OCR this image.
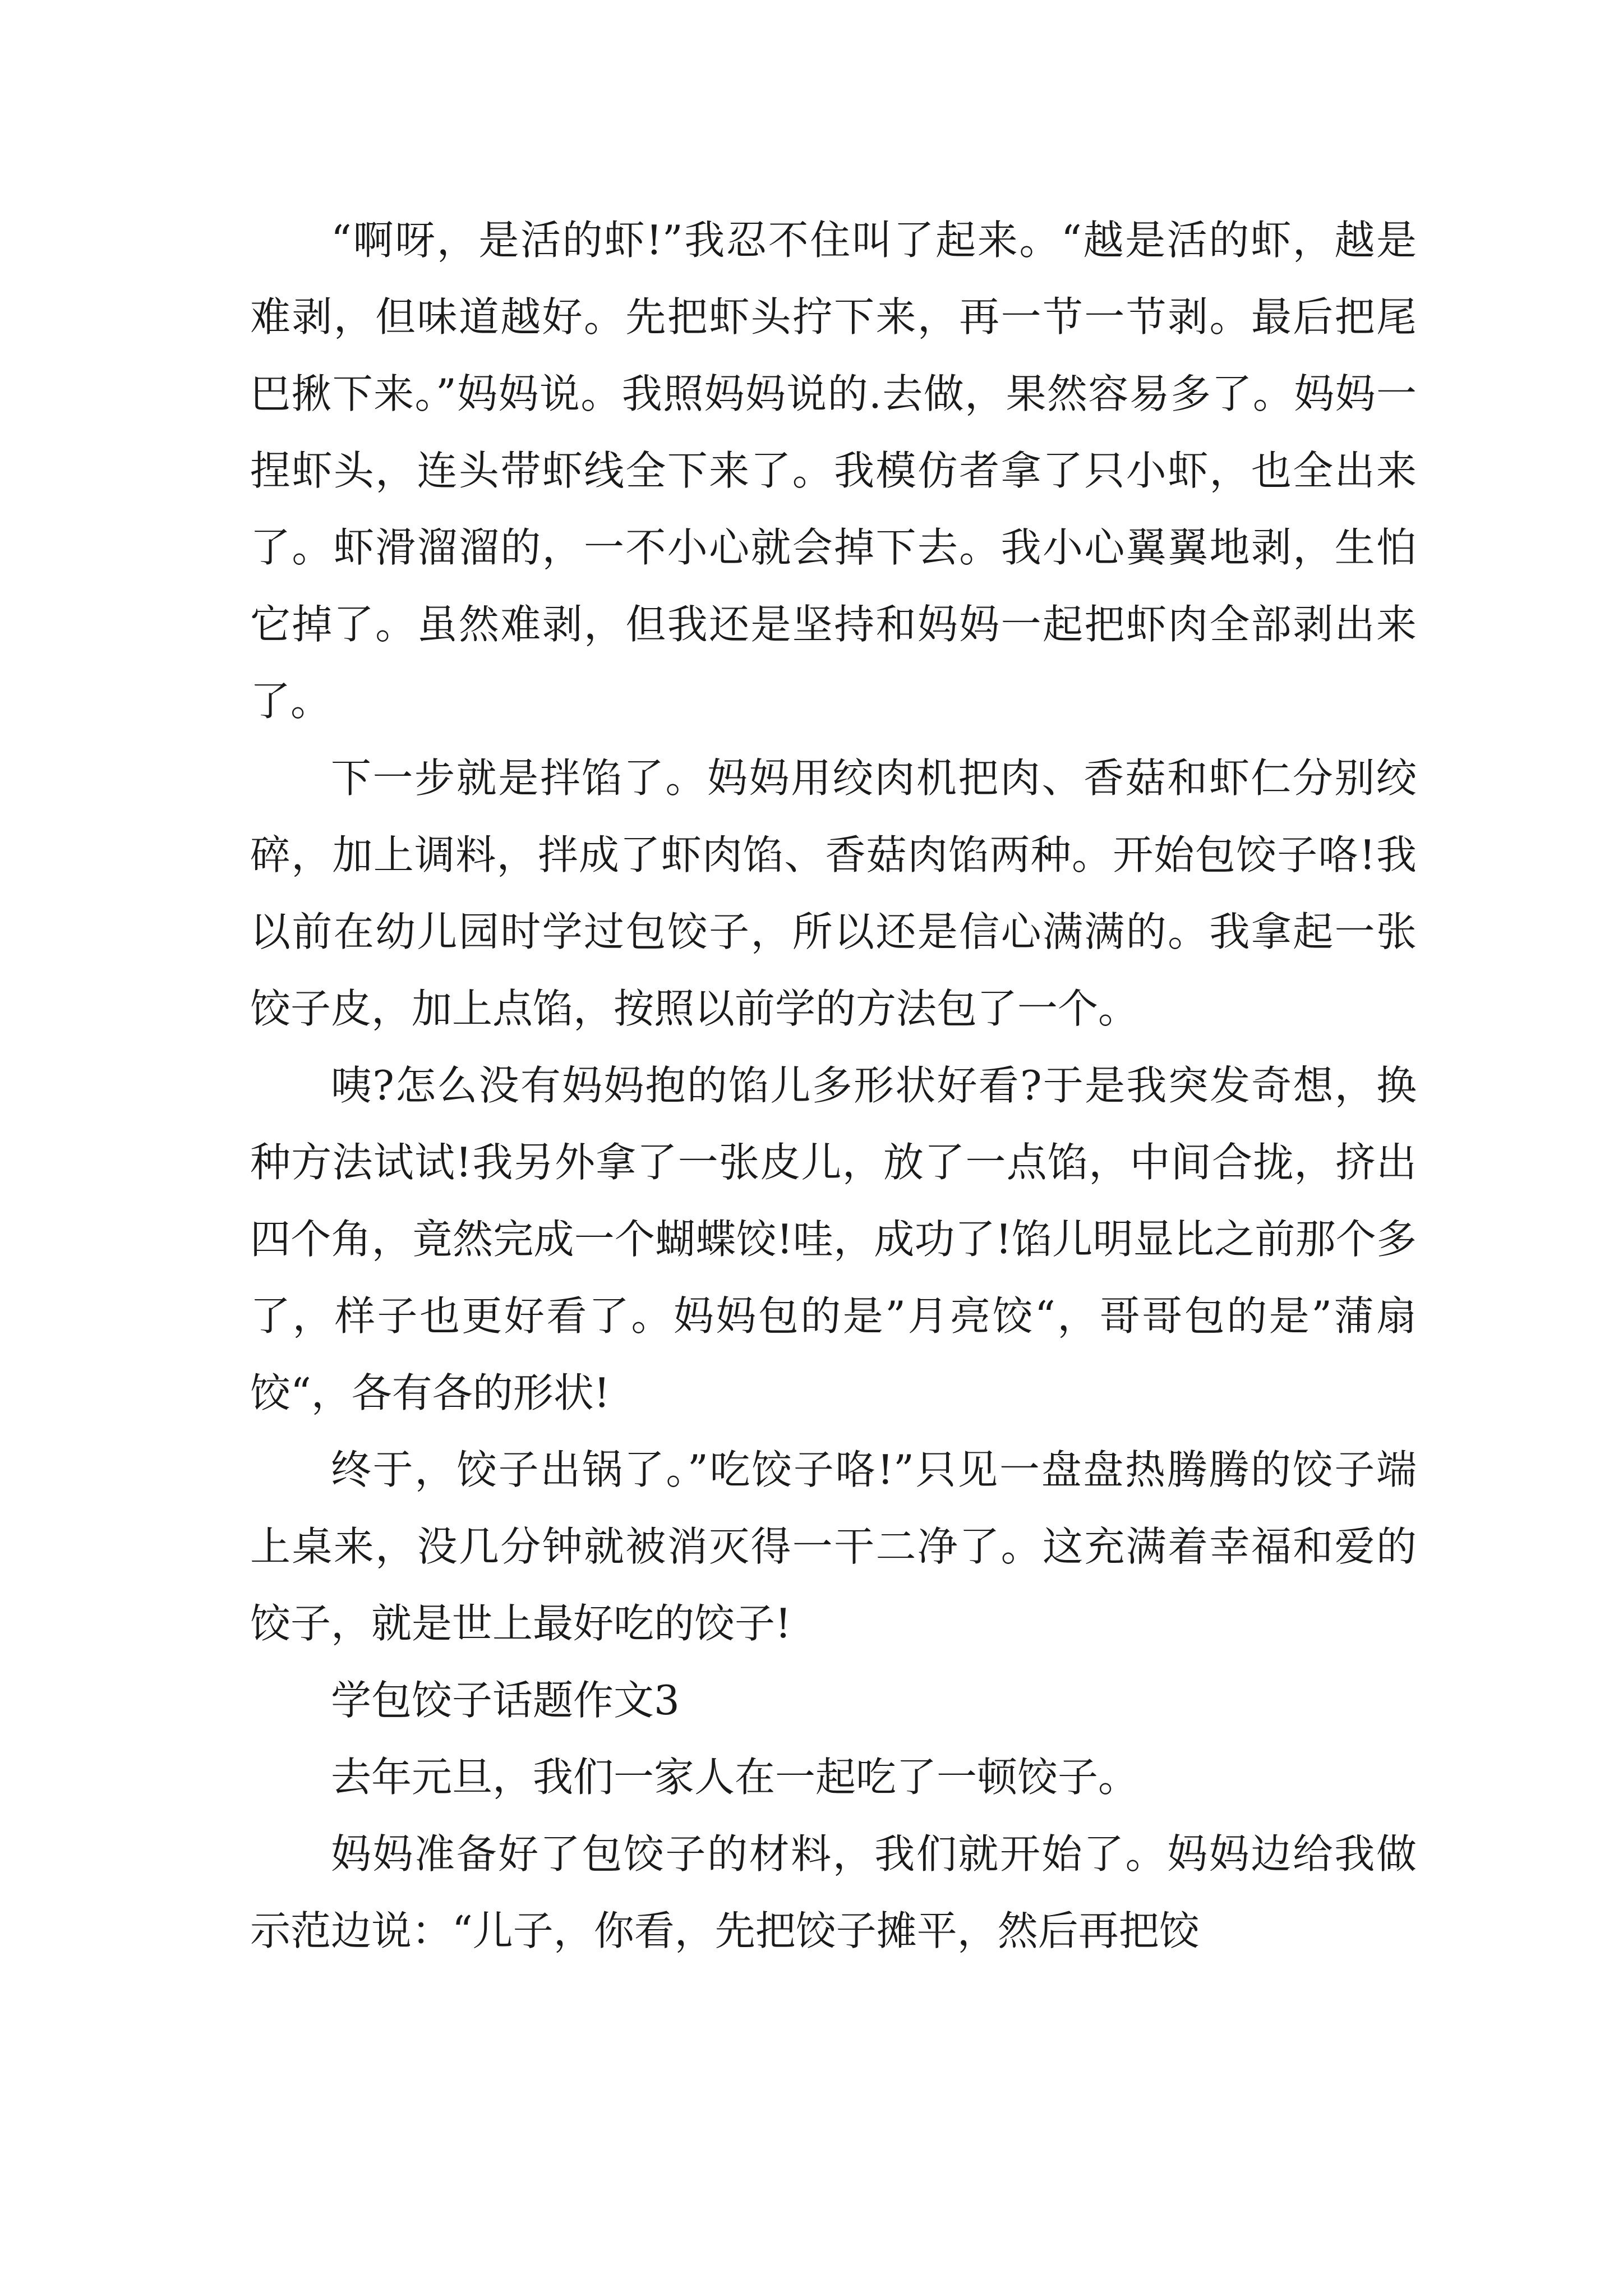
“啊呀，是活的虾!”我忍不住叫了起来。“越是活的虾，越是难剥，但味道越好。先把虾头拧下来，再一节一节剥。最后把尾巴揪下来。”妈妈说。我照妈妈说的.去做，果然容易多了。妈妈一捏虾头，连头带虾线全下来了。我模仿者拿了只小虾，也全出来了。虾滑溜溜的，一不小心就会掉下去。我小心翼翼地剥，生怕它掉了。虽然难剥，但我还是坚持和妈妈一起把虾肉全部剥出来了。

下一步就是拌馅了。妈妈用绞肉机把肉、香菇和虾仁分别绞碎，加上调料，拌成了虾肉馅、香菇肉馅两种。开始包饺子咯!我以前在幼儿园时学过包饺子，所以还是信心满满的。我拿起一张饺子皮，加上点馅，按照以前学的方法包了一个。

咦?怎么没有妈妈抱的馅儿多形状好看?于是我突发奇想，换种方法试试!我另外拿了一张皮儿，放了一点馅，中间合拢，挤出四个角，竟然完成一个蝴蝶饺!哇，成功了!馅儿明显比之前那个多了，样子也更好看了。妈妈包的是”月亮饺“，哥哥包的是”蒲扇饺“，各有各的形状!

终于，饺子出锅了。”吃饺子咯!”只见一盘盘热腾腾的饺子端上桌来，没几分钟就被消灭得一干二净了。这充满着幸福和爱的饺子，就是世上最好吃的饺子!

学包饺子话题作文3

去年元旦，我们一家人在一起吃了一顿饺子。

妈妈准备好了包饺子的材料，我们就开始了。妈妈边给我做示范边说：“儿子，你看，先把饺子摊平，然后再把饺
